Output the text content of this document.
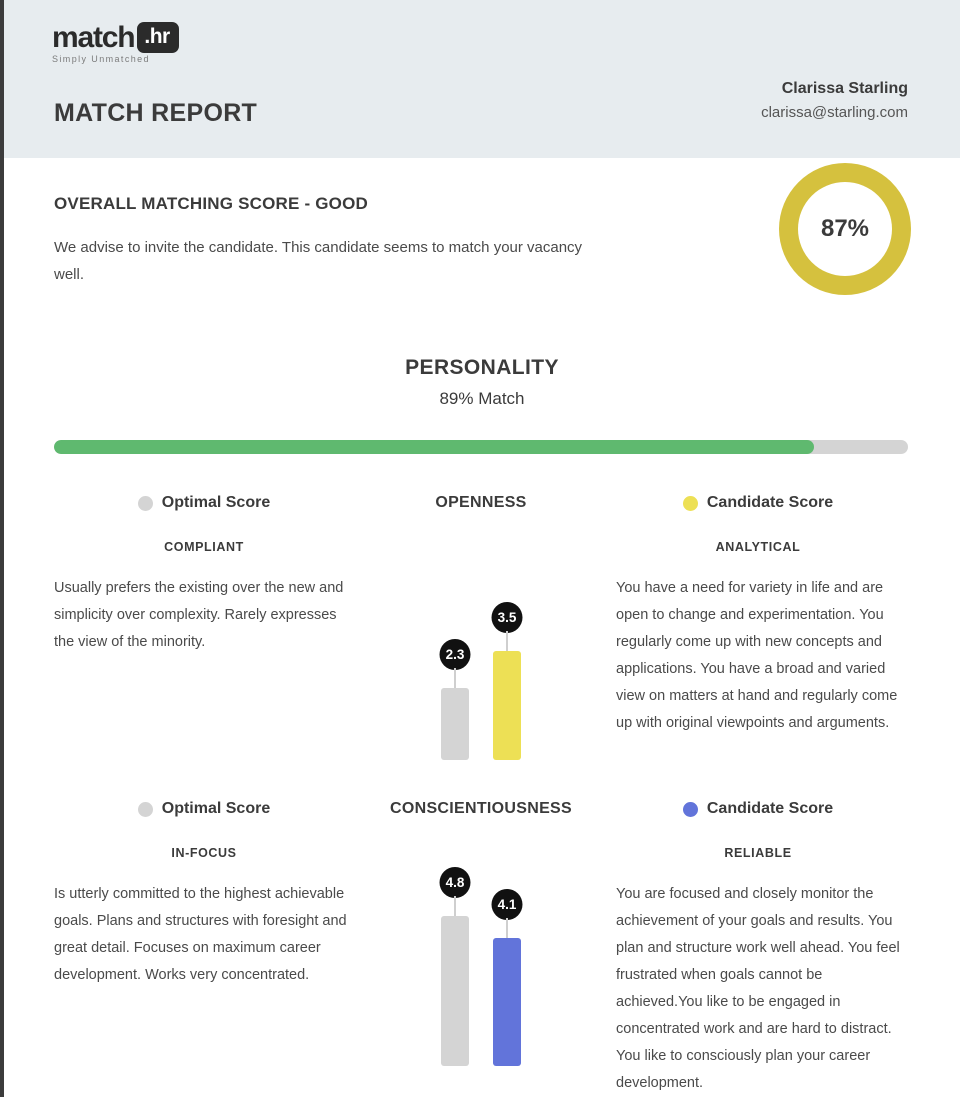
match .hr
Simply Unmatched
MATCH REPORT
Clarissa Starling
clarissa@starling.com
OVERALL MATCHING SCORE - GOOD
We advise to invite the candidate. This candidate seems to match your vacancy well.
87%
PERSONALITY
89% Match
Optimal Score	OPENNESS	Candidate Score
COMPLIANT
Usually prefers the existing over the new and simplicity over complexity. Rarely expresses the view of the minority.
2.3
3.5
ANALYTICAL
You have a need for variety in life and are open to change and experimentation. You regularly come up with new concepts and applications. You have a broad and varied view on matters at hand and regularly come up with original viewpoints and arguments.
Optimal Score	CONSCIENTIOUSNESS	Candidate Score
IN-FOCUS
Is utterly committed to the highest achievable goals. Plans and structures with foresight and great detail. Focuses on maximum career development. Works very concentrated.
4.8
4.1
RELIABLE
You are focused and closely monitor the achievement of your goals and results. You plan and structure work well ahead. You feel frustrated when goals cannot be achieved.You like to be engaged in concentrated work and are hard to distract. You like to consciously plan your career development.
